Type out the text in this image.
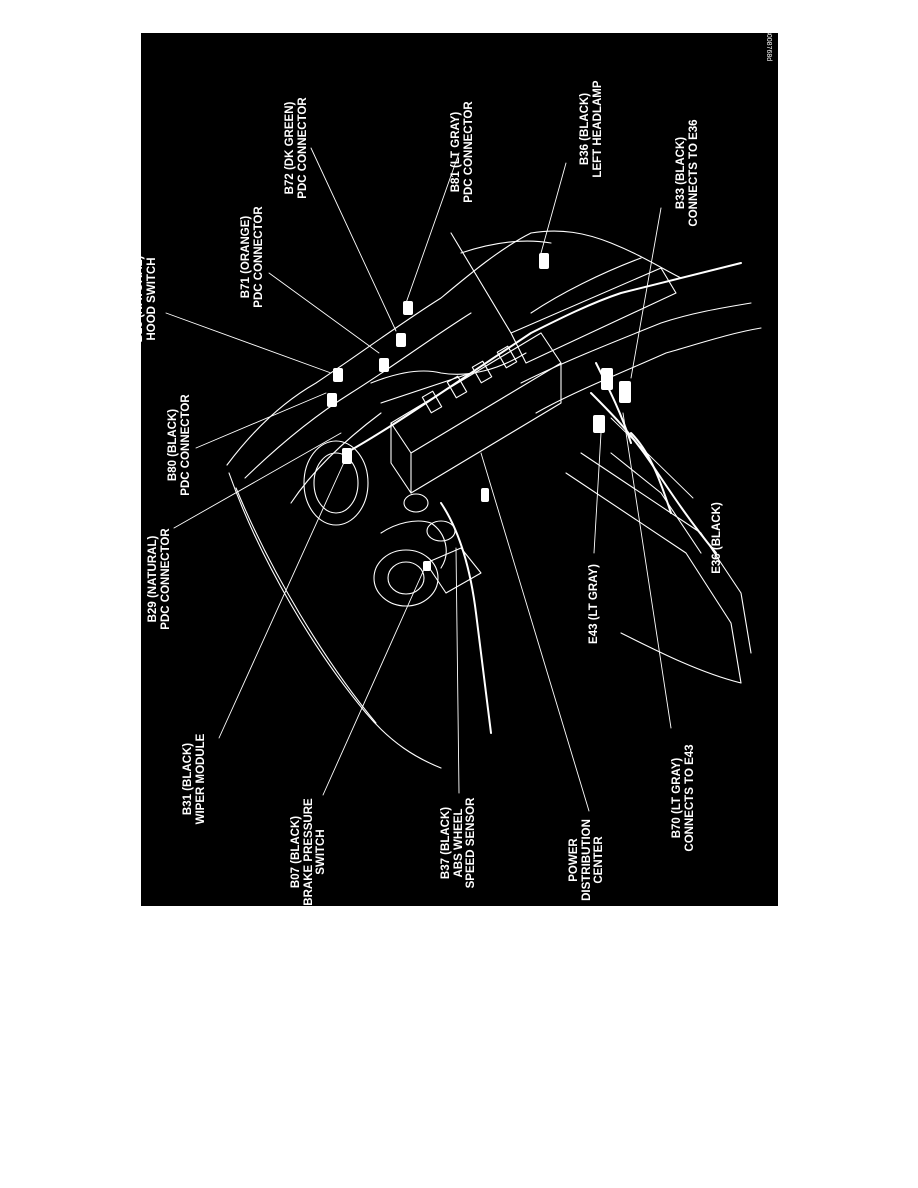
8008768d
B29 (NATURAL) PDC CONNECTOR
B80 (BLACK) PDC CONNECTOR
B28 (NATURAL) HOOD SWITCH
B71 (ORANGE) PDC CONNECTOR
B72 (DK GREEN) PDC CONNECTOR	B81 (LT GRAY) PDC CONNECTOR	B36 (BLACK) LEFT HEADLAMP	B33 (BLACK) CONNECTS TO E36
E36 (BLACK)
E43 (LT GRAY)
B70 (LT GRAY) CONNECTS TO E43
POWER DISTRIBUTION CENTER
B37 (BLACK) ABS WHEEL SPEED SENSOR
B07 (BLACK) BRAKE PRESSURE SWITCH
B31 (BLACK) WIPER MODULE
